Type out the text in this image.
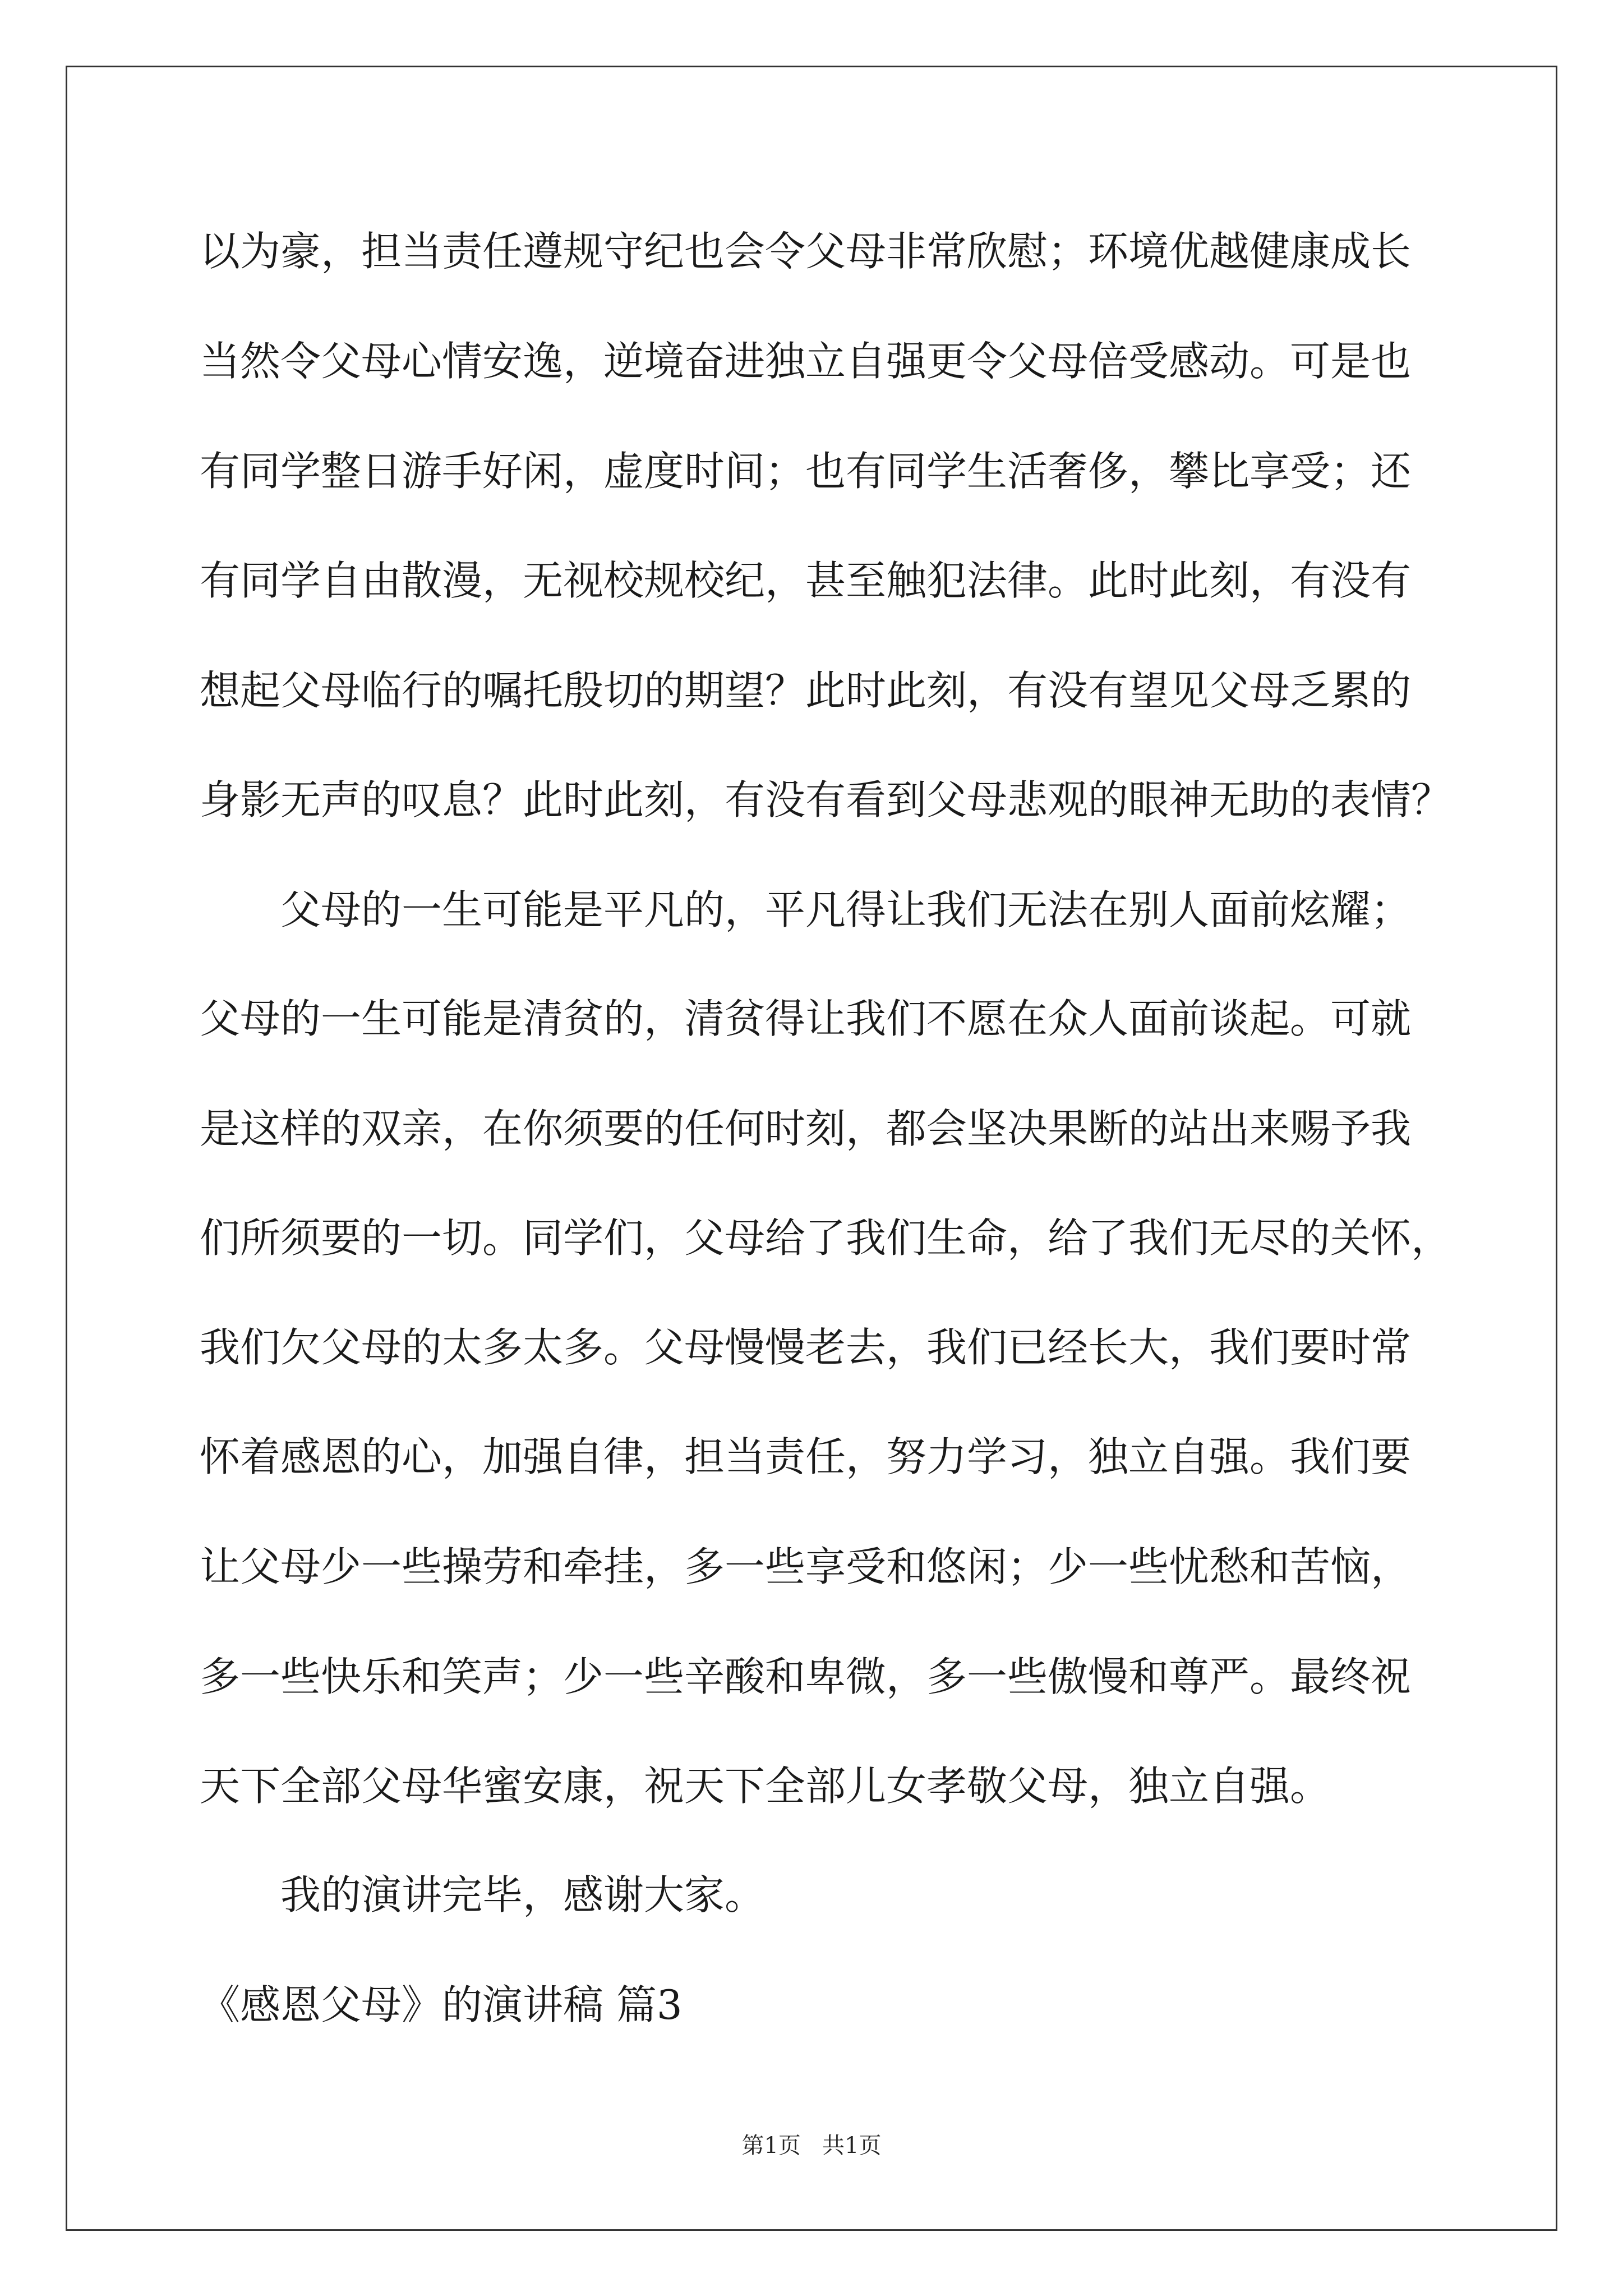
以为豪，担当责任遵规守纪也会令父母非常欣慰；环境优越健康成长
当然令父母心情安逸，逆境奋进独立自强更令父母倍受感动。可是也
有同学整日游手好闲，虚度时间；也有同学生活奢侈，攀比享受；还
有同学自由散漫，无视校规校纪，甚至触犯法律。此时此刻，有没有
想起父母临行的嘱托殷切的期望？此时此刻，有没有望见父母乏累的
身影无声的叹息？此时此刻，有没有看到父母悲观的眼神无助的表情？
父母的一生可能是平凡的，平凡得让我们无法在别人面前炫耀；
父母的一生可能是清贫的，清贫得让我们不愿在众人面前谈起。可就
是这样的双亲，在你须要的任何时刻，都会坚决果断的站出来赐予我
们所须要的一切。同学们，父母给了我们生命，给了我们无尽的关怀，
我们欠父母的太多太多。父母慢慢老去，我们已经长大，我们要时常
怀着感恩的心，加强自律，担当责任，努力学习，独立自强。我们要
让父母少一些操劳和牵挂，多一些享受和悠闲；少一些忧愁和苦恼，
多一些快乐和笑声；少一些辛酸和卑微，多一些傲慢和尊严。最终祝
天下全部父母华蜜安康，祝天下全部儿女孝敬父母，独立自强。
我的演讲完毕，感谢大家。
《感恩父母》的演讲稿 篇3
第1页   共1页
